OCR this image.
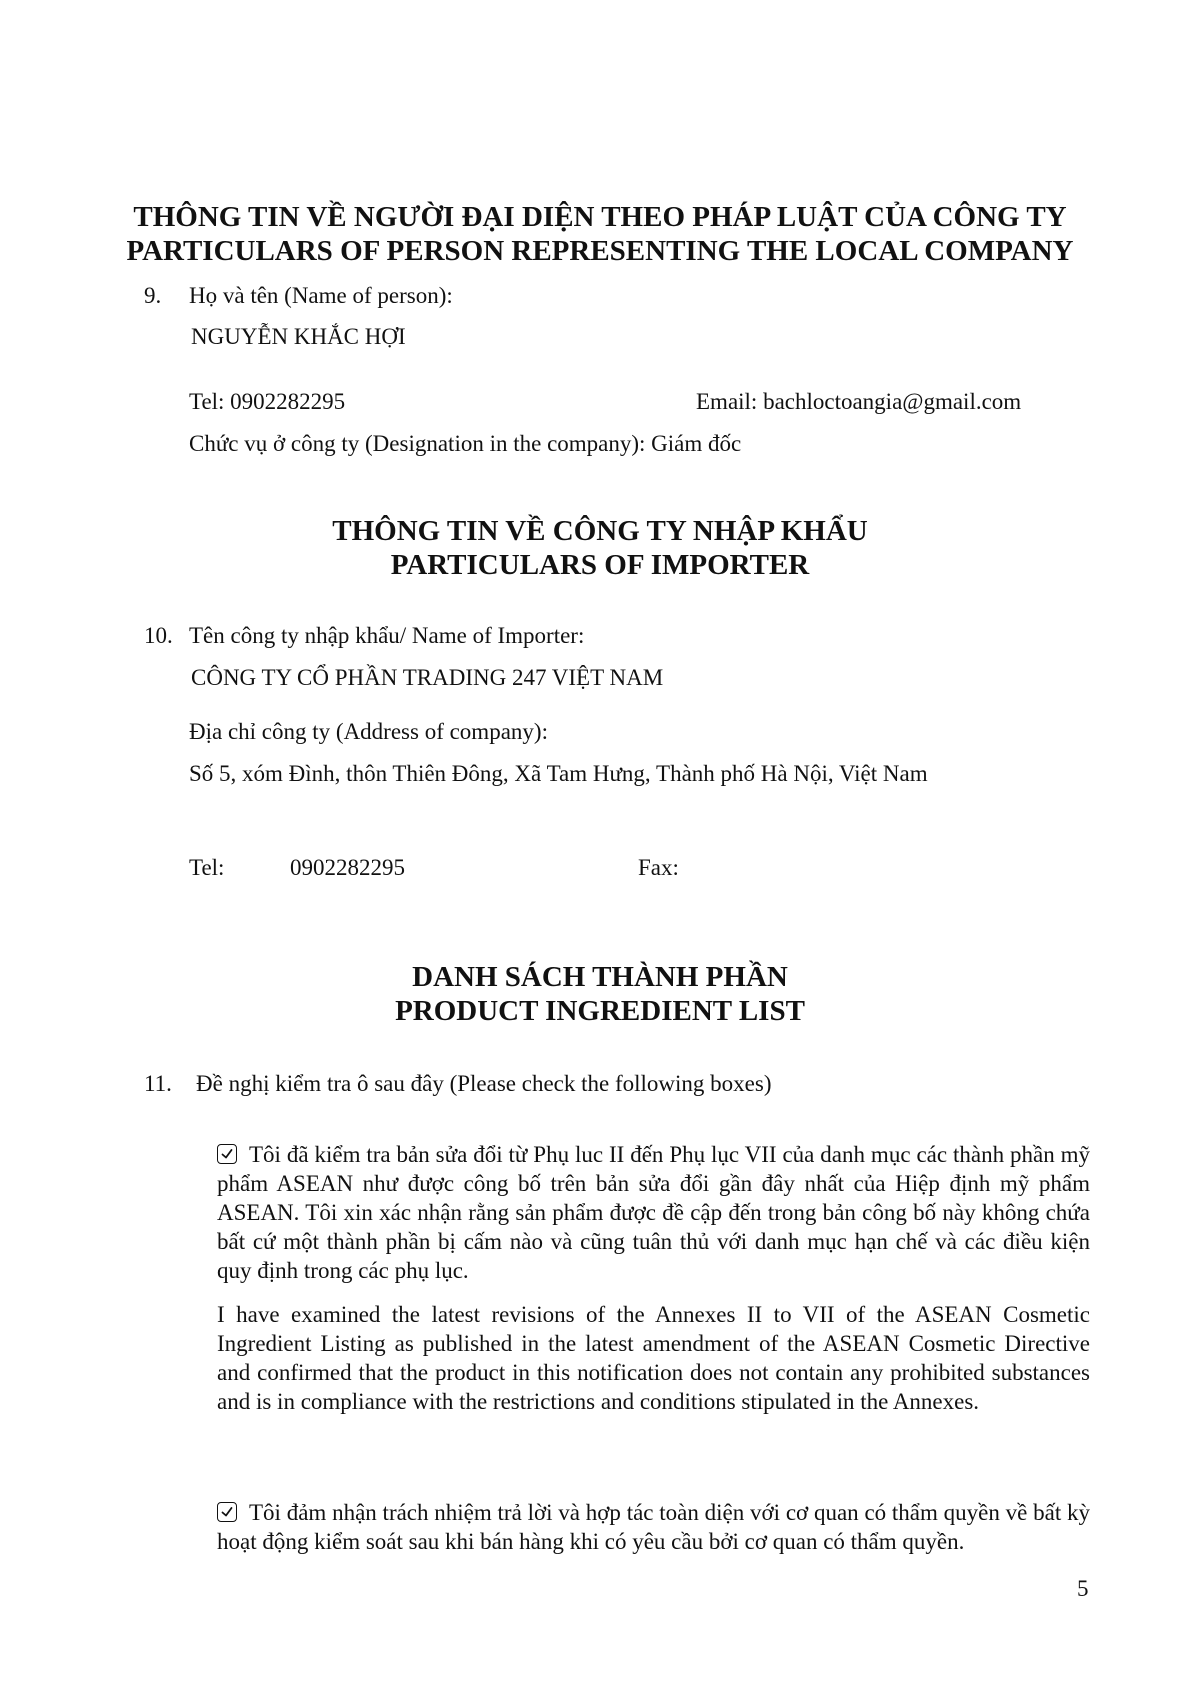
THÔNG TIN VỀ NGƯỜI ĐẠI DIỆN THEO PHÁP LUẬT CỦA CÔNG TY
PARTICULARS OF PERSON REPRESENTING THE LOCAL COMPANY
9. Họ và tên (Name of person):
NGUYỄN KHẮC HỢI
Tel: 0902282295	Email: bachloctoangia@gmail.com
Chức vụ ở công ty (Designation in the company): Giám đốc
THÔNG TIN VỀ CÔNG TY NHẬP KHẨU
PARTICULARS OF IMPORTER
10. Tên công ty nhập khẩu/ Name of Importer:
CÔNG TY CỔ PHẦN TRADING 247 VIỆT NAM
Địa chỉ công ty (Address of company):
Số 5, xóm Đình, thôn Thiên Đông, Xã Tam Hưng, Thành phố Hà Nội, Việt Nam
Tel:	0902282295	Fax:
DANH SÁCH THÀNH PHẦN
PRODUCT INGREDIENT LIST
11. Đề nghị kiểm tra ô sau đây (Please check the following boxes)
Tôi đã kiểm tra bản sửa đổi từ Phụ luc II đến Phụ lục VII của danh mục các thành phần mỹ phẩm ASEAN như được công bố trên bản sửa đổi gần đây nhất của Hiệp định mỹ phẩm ASEAN. Tôi xin xác nhận rằng sản phẩm được đề cập đến trong bản công bố này không chứa bất cứ một thành phần bị cấm nào và cũng tuân thủ với danh mục hạn chế và các điều kiện quy định trong các phụ lục.
I have examined the latest revisions of the Annexes II to VII of the ASEAN Cosmetic Ingredient Listing as published in the latest amendment of the ASEAN Cosmetic Directive and confirmed that the product in this notification does not contain any prohibited substances and is in compliance with the restrictions and conditions stipulated in the Annexes.
Tôi đảm nhận trách nhiệm trả lời và hợp tác toàn diện với cơ quan có thẩm quyền về bất kỳ hoạt động kiểm soát sau khi bán hàng khi có yêu cầu bởi cơ quan có thẩm quyền.
5
